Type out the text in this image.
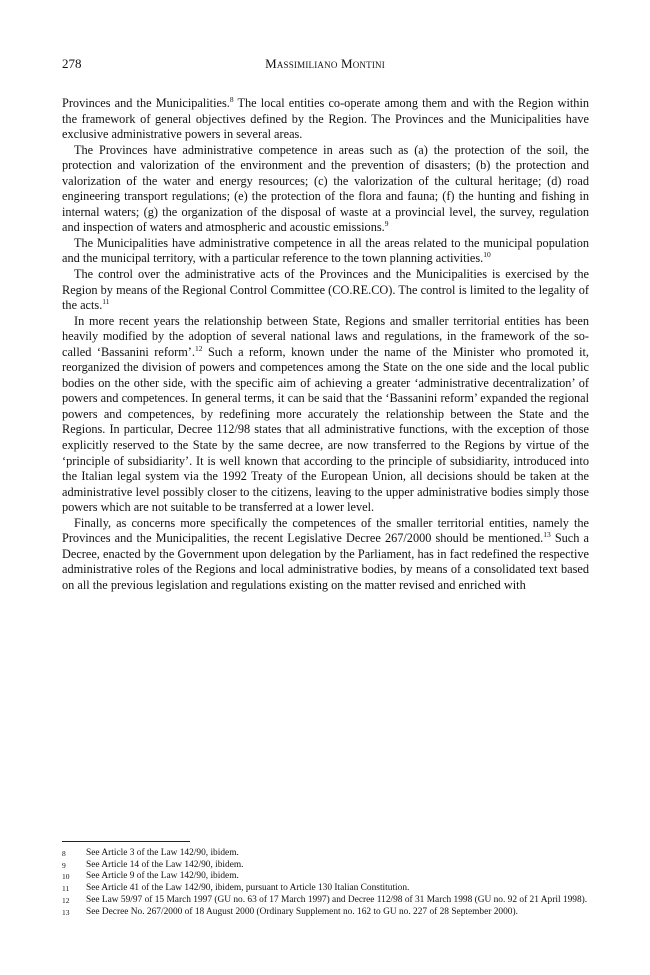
278	Massimiliano Montini

Provinces and the Municipalities.$^8$ The local entities co-operate among them and with the Region within the framework of general objectives defined by the Region. The Provinces and the Municipalities have exclusive administrative powers in several areas.

The Provinces have administrative competence in areas such as (a) the protection of the soil, the protection and valorization of the environment and the prevention of disasters; (b) the protection and valorization of the water and energy resources; (c) the valorization of the cultural heritage; (d) road engineering transport regulations; (e) the protection of the flora and fauna; (f) the hunting and fishing in internal waters; (g) the organization of the disposal of waste at a provincial level, the survey, regulation and inspection of waters and atmospheric and acoustic emissions.$^9$

The Municipalities have administrative competence in all the areas related to the municipal population and the municipal territory, with a particular reference to the town planning activities.$^{10}$

The control over the administrative acts of the Provinces and the Municipalities is exercised by the Region by means of the Regional Control Committee (CO.RE.CO). The control is limited to the legality of the acts.$^{11}$

In more recent years the relationship between State, Regions and smaller territorial entities has been heavily modified by the adoption of several national laws and regulations, in the framework of the so-called ‘Bassanini reform’.$^{12}$ Such a reform, known under the name of the Minister who promoted it, reorganized the division of powers and competences among the State on the one side and the local public bodies on the other side, with the specific aim of achieving a greater ‘administrative decentralization’ of powers and competences. In general terms, it can be said that the ‘Bassanini reform’ expanded the regional powers and competences, by redefining more accurately the relationship between the State and the Regions. In particular, Decree 112/98 states that all administrative functions, with the exception of those explicitly reserved to the State by the same decree, are now transferred to the Regions by virtue of the ‘principle of subsidiarity’. It is well known that according to the principle of subsidiarity, introduced into the Italian legal system via the 1992 Treaty of the European Union, all decisions should be taken at the administrative level possibly closer to the citizens, leaving to the upper administrative bodies simply those powers which are not suitable to be transferred at a lower level.

Finally, as concerns more specifically the competences of the smaller territorial entities, namely the Provinces and the Municipalities, the recent Legislative Decree 267/2000 should be mentioned.$^{13}$ Such a Decree, enacted by the Government upon delegation by the Parliament, has in fact redefined the respective administrative roles of the Regions and local administrative bodies, by means of a consolidated text based on all the previous legislation and regulations existing on the matter revised and enriched with

8	See Article 3 of the Law 142/90, ibidem.
9	See Article 14 of the Law 142/90, ibidem.
10	See Article 9 of the Law 142/90, ibidem.
11	See Article 41 of the Law 142/90, ibidem, pursuant to Article 130 Italian Constitution.
12	See Law 59/97 of 15 March 1997 (GU no. 63 of 17 March 1997) and Decree 112/98 of 31 March 1998 (GU no. 92 of 21 April 1998).
13	See Decree No. 267/2000 of 18 August 2000 (Ordinary Supplement no. 162 to GU no. 227 of 28 September 2000).
